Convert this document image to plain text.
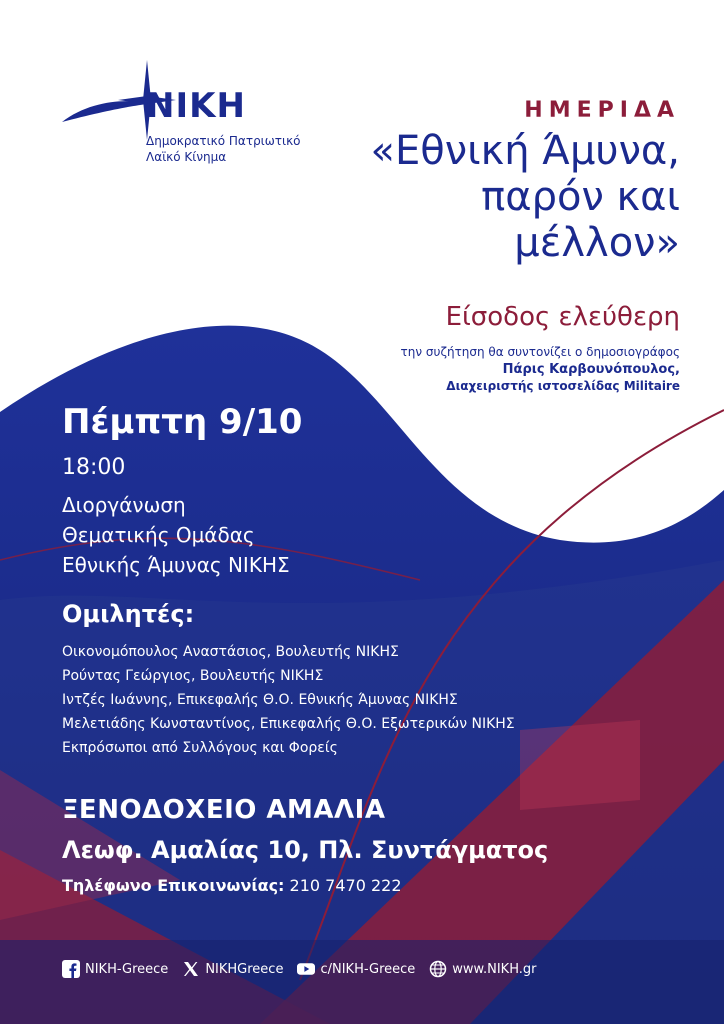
NIKH
Δημοκρατικό Πατριωτικό
Λαϊκό Κίνημα
ΗΜΕΡΙΔΑ
«Εθνική Άμυνα,
παρόν και
μέλλον»
Είσοδος ελεύθερη
την συζήτηση θα συντονίζει ο δημοσιογράφος
Πάρις Καρβουνόπουλος,
Διαχειριστής ιστοσελίδας Militaire
Πέμπτη 9/10
18:00
Διοργάνωση
Θεματικής Ομάδας
Εθνικής Άμυνας ΝΙΚΗΣ
Ομιλητές:
Οικονομόπουλος Αναστάσιος, Βουλευτής ΝΙΚΗΣ
Ρούντας Γεώργιος, Βουλευτής ΝΙΚΗΣ
Ιντζές Ιωάννης, Επικεφαλής Θ.Ο. Εθνικής Άμυνας ΝΙΚΗΣ
Μελετιάδης Κωνσταντίνος, Επικεφαλής Θ.Ο. Εξωτερικών ΝΙΚΗΣ
Εκπρόσωποι από Συλλόγους και Φορείς
ΞΕΝΟΔΟΧΕΙΟ ΑΜΑΛΙΑ
Λεωφ. Αμαλίας 10, Πλ. Συντάγματος
Τηλέφωνο Επικοινωνίας: 210 7470 222
NIKH-Greece	NIKHGreece	c/NIKH-Greece	www.NIKH.gr
